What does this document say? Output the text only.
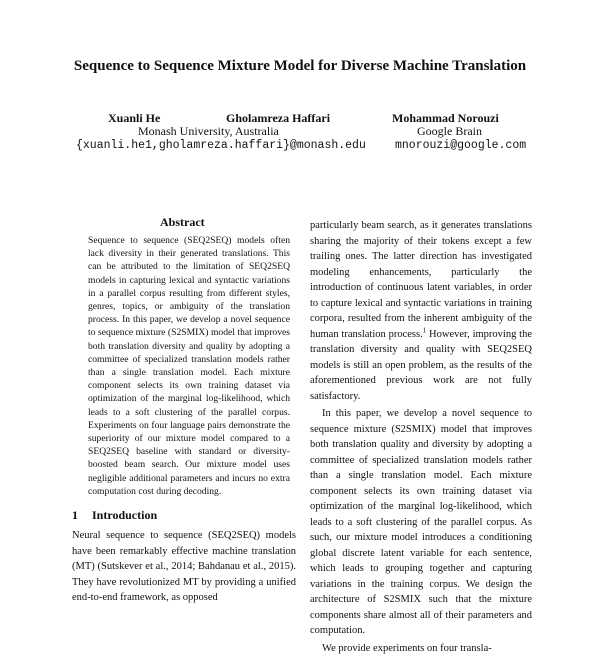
Sequence to Sequence Mixture Model for Diverse Machine Translation
Xuanli He	Gholamreza Haffari
Monash University, Australia
{xuanli.he1,gholamreza.haffari}@monash.edu
Mohammad Norouzi
Google Brain
mnorouzi@google.com
Abstract
Sequence to sequence (SEQ2SEQ) models often lack diversity in their generated translations. This can be attributed to the limitation of SEQ2SEQ models in capturing lexical and syntactic variations in a parallel corpus resulting from different styles, genres, topics, or ambiguity of the translation process. In this paper, we develop a novel sequence to sequence mixture (S2SMIX) model that improves both translation diversity and quality by adopting a committee of specialized translation models rather than a single translation model. Each mixture component selects its own training dataset via optimization of the marginal log-likelihood, which leads to a soft clustering of the parallel corpus. Experiments on four language pairs demonstrate the superiority of our mixture model compared to a SEQ2SEQ baseline with standard or diversity-boosted beam search. Our mixture model uses negligible additional parameters and incurs no extra computation cost during decoding.
1 Introduction
Neural sequence to sequence (SEQ2SEQ) models have been remarkably effective machine translation (MT) (Sutskever et al., 2014; Bahdanau et al., 2015). They have revolutionized MT by providing a unified end-to-end framework, as opposed

particularly beam search, as it generates translations sharing the majority of their tokens except a few trailing ones. The latter direction has investigated modeling enhancements, particularly the introduction of continuous latent variables, in order to capture lexical and syntactic variations in training corpora, resulted from the inherent ambiguity of the human translation process.$^1$ However, improving the translation diversity and quality with SEQ2SEQ models is still an open problem, as the results of the aforementioned previous work are not fully satisfactory.

In this paper, we develop a novel sequence to sequence mixture (S2SMIX) model that improves both translation quality and diversity by adopting a committee of specialized translation models rather than a single translation model. Each mixture component selects its own training dataset via optimization of the marginal log-likelihood, which leads to a soft clustering of the parallel corpus. As such, our mixture model introduces a conditioning global discrete latent variable for each sentence, which leads to grouping together and capturing variations in the training corpus. We design the architecture of S2SMIX such that the mixture components share almost all of their parameters and computation.

We provide experiments on four transla-
